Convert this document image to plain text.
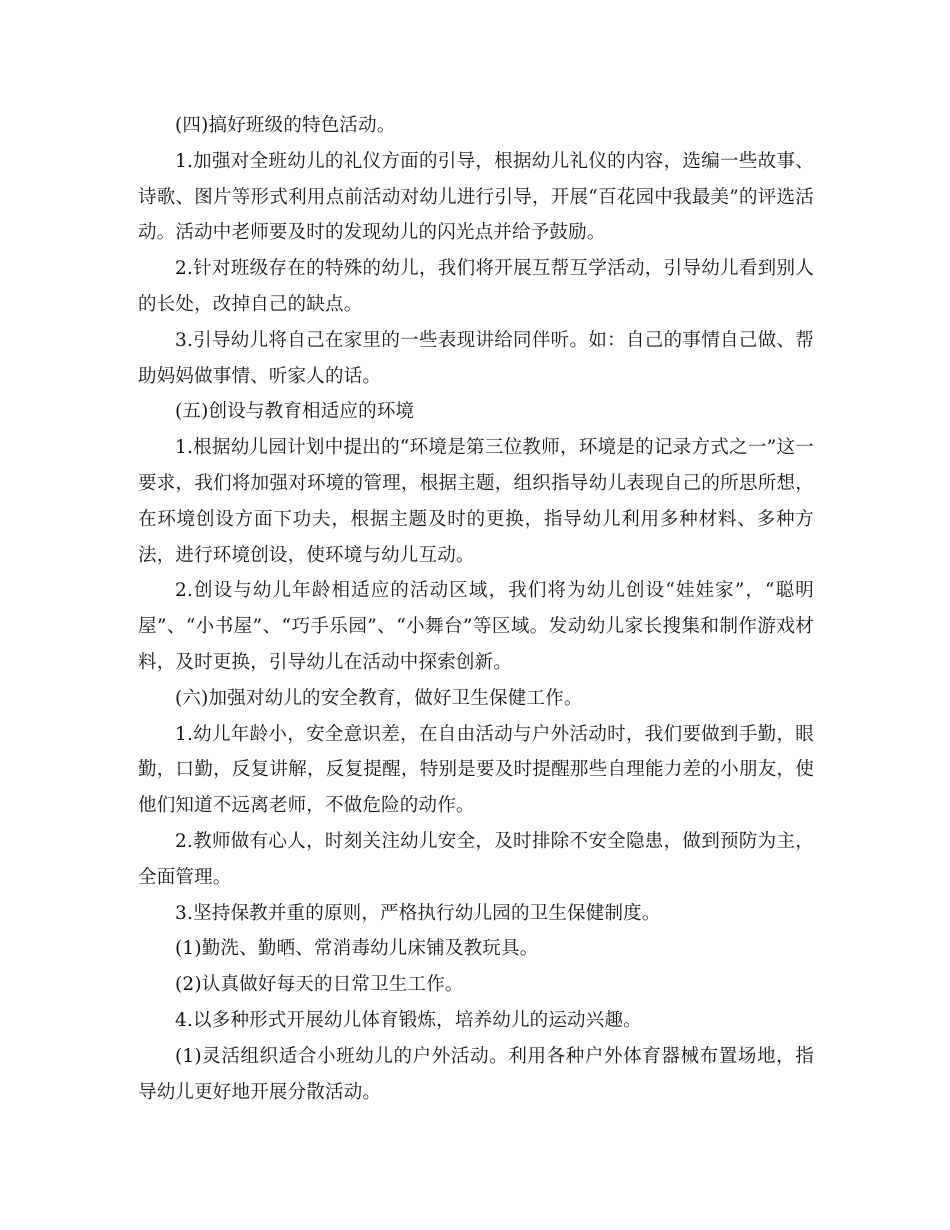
(四)搞好班级的特色活动。

1.加强对全班幼儿的礼仪方面的引导，根据幼儿礼仪的内容，选编一些故事、诗歌、图片等形式利用点前活动对幼儿进行引导，开展“百花园中我最美”的评选活动。活动中老师要及时的发现幼儿的闪光点并给予鼓励。

2.针对班级存在的特殊的幼儿，我们将开展互帮互学活动，引导幼儿看到别人的长处，改掉自己的缺点。

3.引导幼儿将自己在家里的一些表现讲给同伴听。如：自己的事情自己做、帮助妈妈做事情、听家人的话。

(五)创设与教育相适应的环境

1.根据幼儿园计划中提出的“环境是第三位教师，环境是的记录方式之一”这一要求，我们将加强对环境的管理，根据主题，组织指导幼儿表现自己的所思所想，在环境创设方面下功夫，根据主题及时的更换，指导幼儿利用多种材料、多种方法，进行环境创设，使环境与幼儿互动。

2.创设与幼儿年龄相适应的活动区域，我们将为幼儿创设“娃娃家”，“聪明屋”、“小书屋”、“巧手乐园”、“小舞台”等区域。发动幼儿家长搜集和制作游戏材料，及时更换，引导幼儿在活动中探索创新。

(六)加强对幼儿的安全教育，做好卫生保健工作。

1.幼儿年龄小，安全意识差，在自由活动与户外活动时，我们要做到手勤，眼勤，口勤，反复讲解，反复提醒，特别是要及时提醒那些自理能力差的小朋友，使他们知道不远离老师，不做危险的动作。

2.教师做有心人，时刻关注幼儿安全，及时排除不安全隐患，做到预防为主，全面管理。

3.坚持保教并重的原则，严格执行幼儿园的卫生保健制度。

(1)勤洗、勤晒、常消毒幼儿床铺及教玩具。

(2)认真做好每天的日常卫生工作。

4.以多种形式开展幼儿体育锻炼，培养幼儿的运动兴趣。

(1)灵活组织适合小班幼儿的户外活动。利用各种户外体育器械布置场地，指导幼儿更好地开展分散活动。
